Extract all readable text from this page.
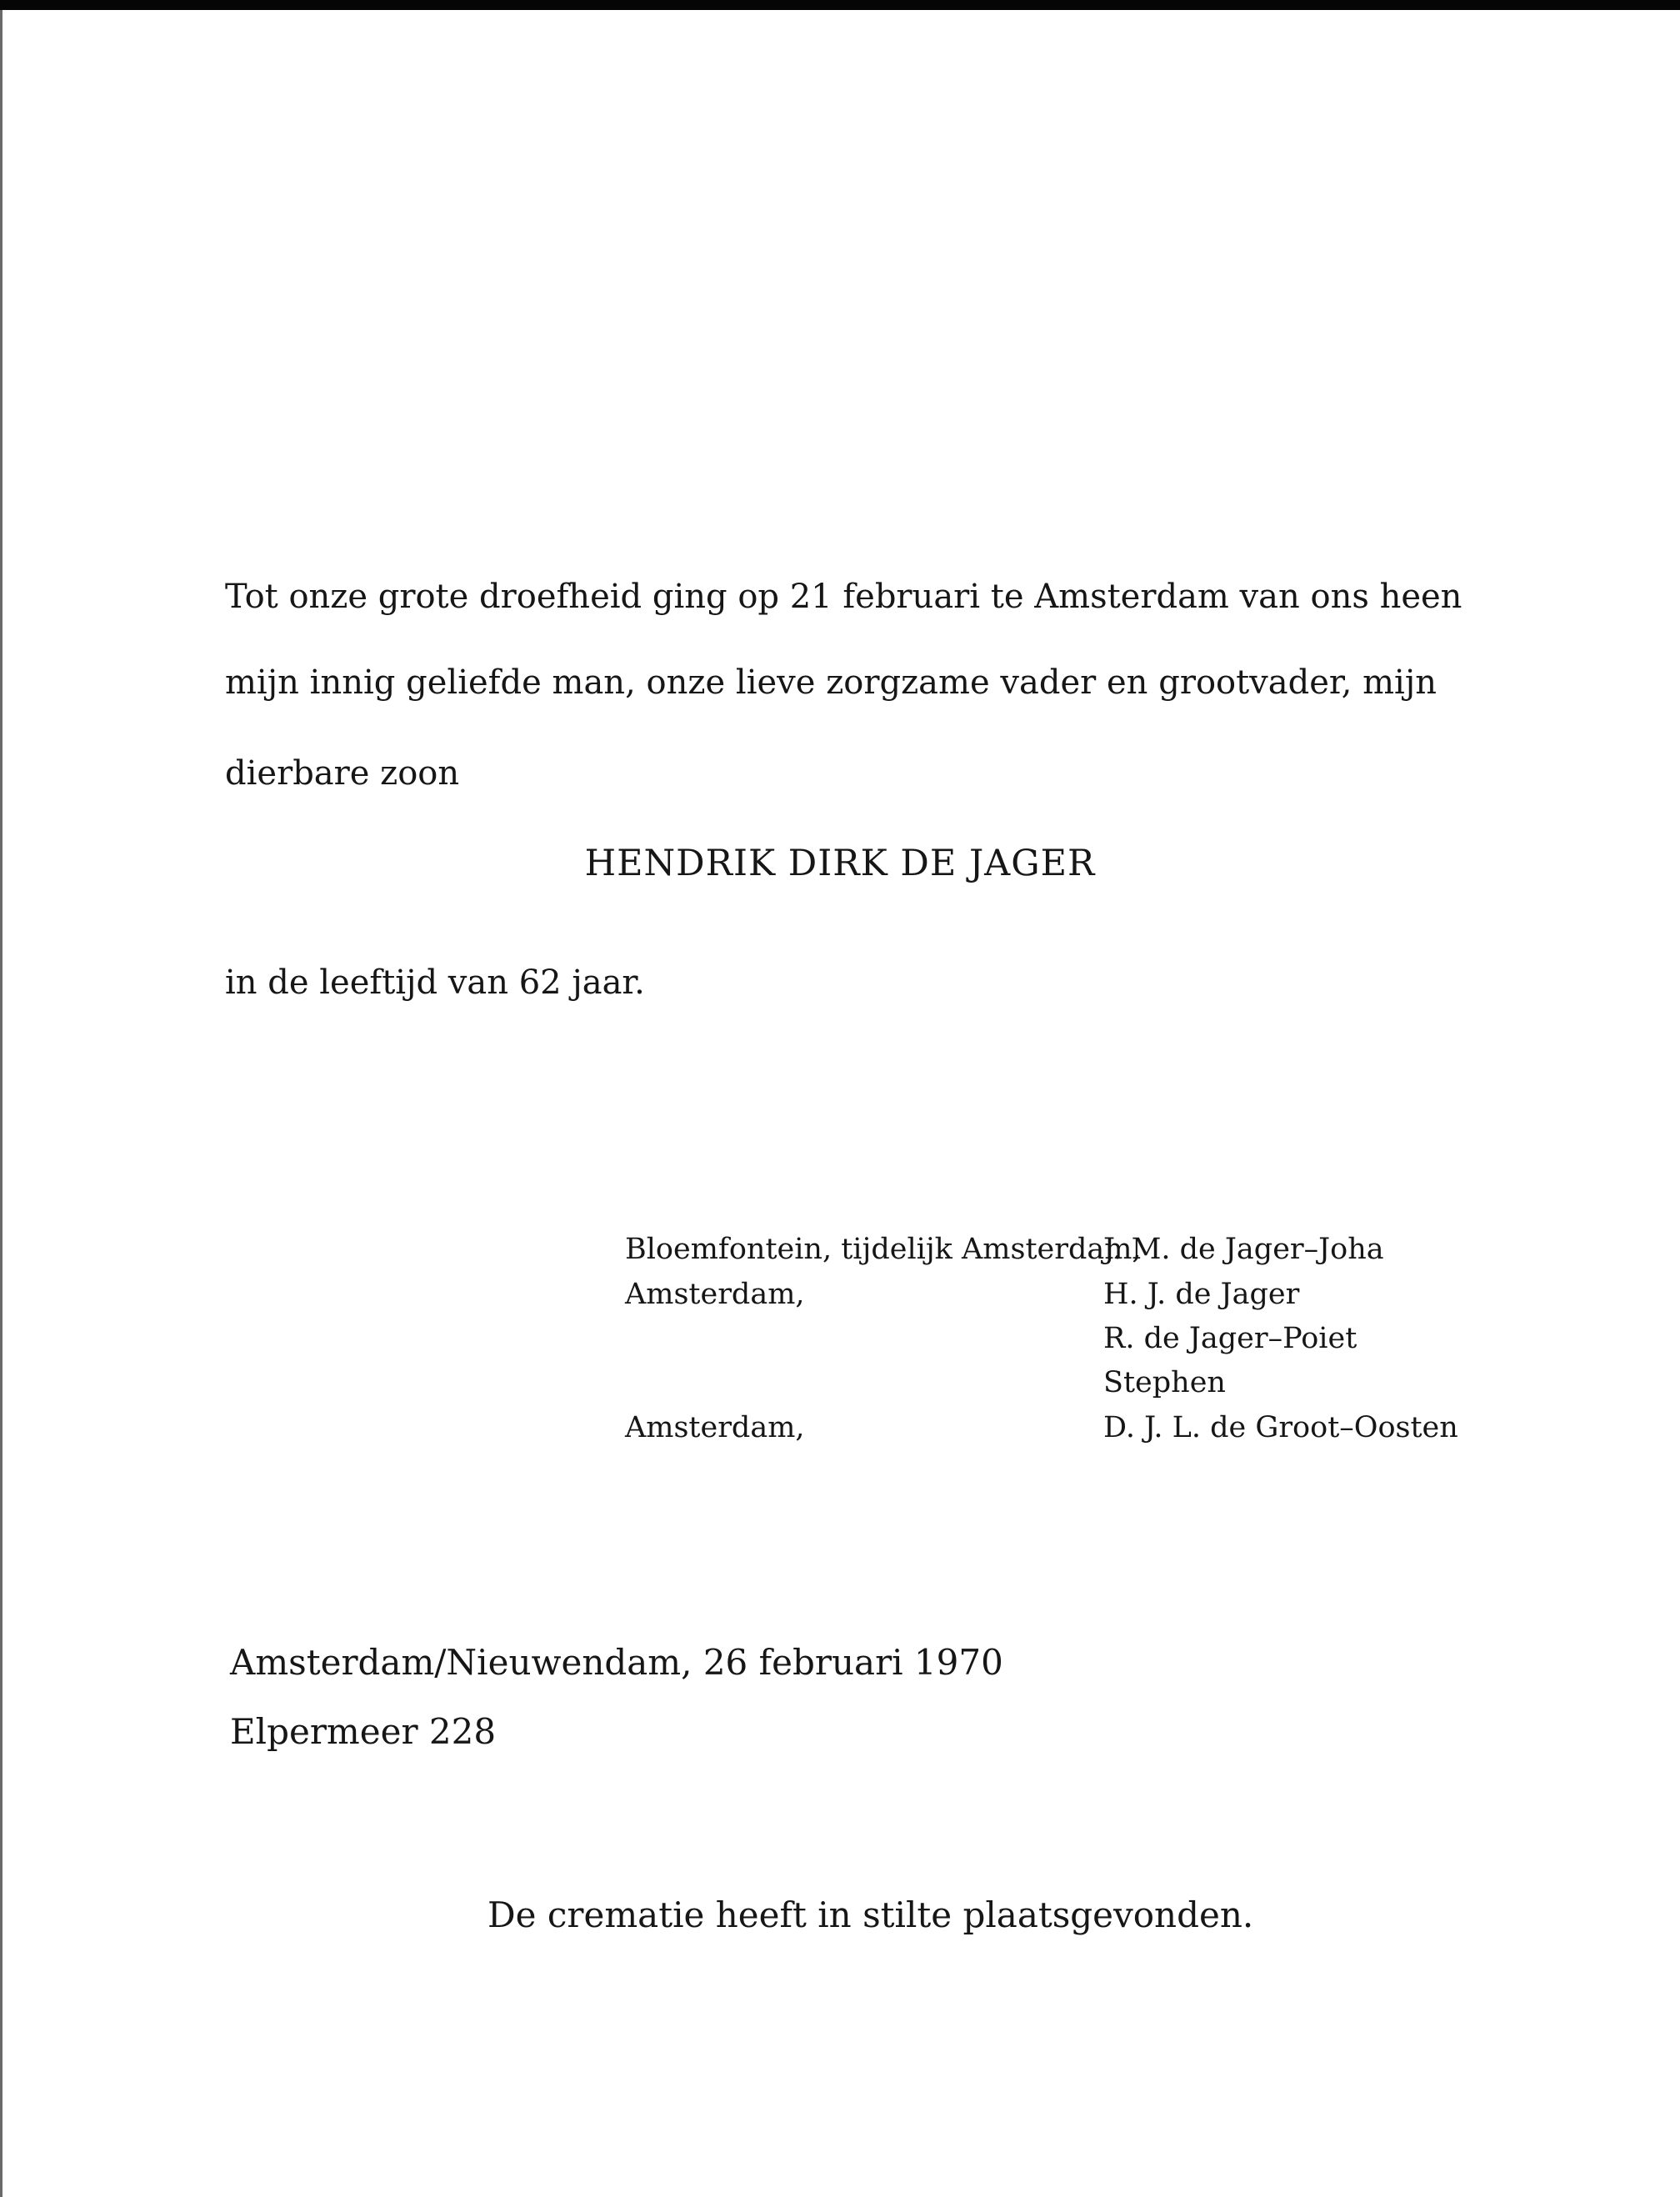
Tot onze grote droefheid ging op 21 februari te Amsterdam van ons heen
mijn innig geliefde man, onze lieve zorgzame vader en grootvader, mijn
dierbare zoon
HENDRIK DIRK DE JAGER
in de leeftijd van 62 jaar.
Bloemfontein, tijdelijk Amsterdam,
J. M. de Jager–Joha
Amsterdam,	H. J. de Jager
R. de Jager–Poiet
Stephen
Amsterdam,	D. J. L. de Groot–Oosten
Amsterdam/Nieuwendam, 26 februari 1970
Elpermeer 228
De crematie heeft in stilte plaatsgevonden.
